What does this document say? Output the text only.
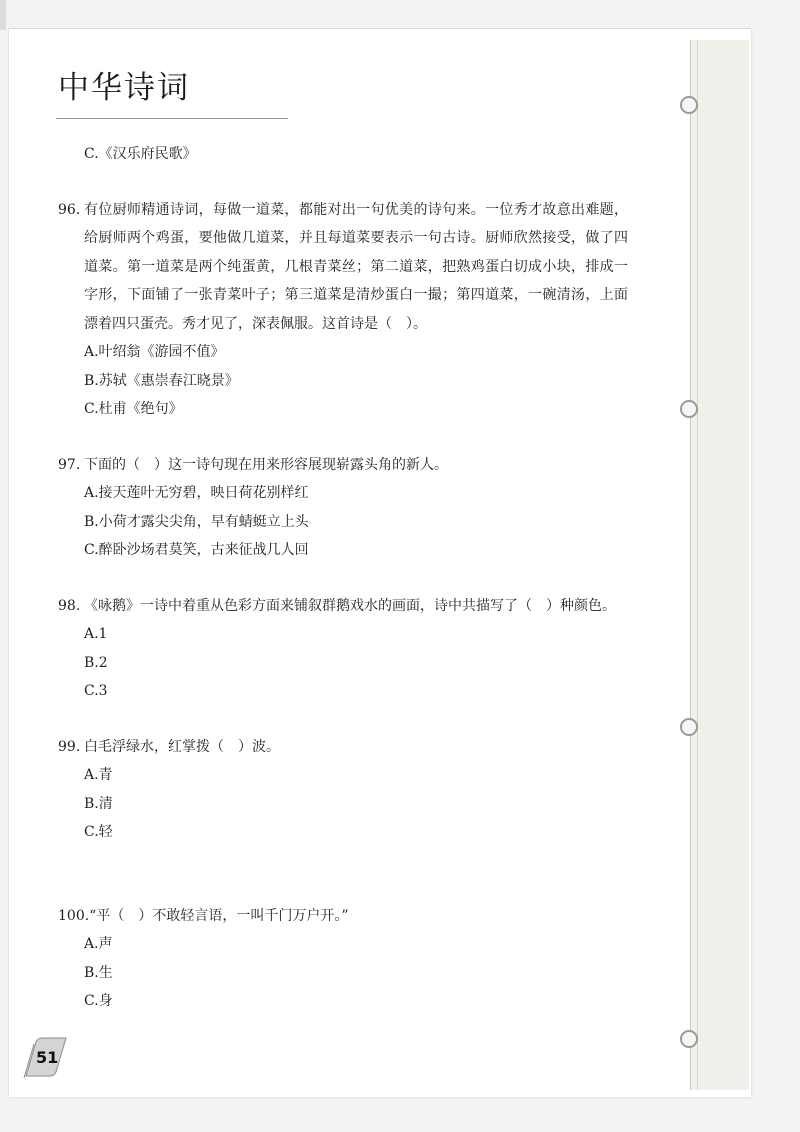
中华诗词
C.《汉乐府民歌》
96. 有位厨师精通诗词，每做一道菜，都能对出一句优美的诗句来。一位秀才故意出难题，给厨师两个鸡蛋，要他做几道菜，并且每道菜要表示一句古诗。厨师欣然接受，做了四道菜。第一道菜是两个纯蛋黄，几根青菜丝；第二道菜，把熟鸡蛋白切成小块，排成一字形，下面铺了一张青菜叶子；第三道菜是清炒蛋白一撮；第四道菜，一碗清汤，上面漂着四只蛋壳。秀才见了，深表佩服。这首诗是（　）。
A.叶绍翁《游园不值》
B.苏轼《惠崇春江晓景》
C.杜甫《绝句》
97. 下面的（　）这一诗句现在用来形容展现崭露头角的新人。
A.接天莲叶无穷碧，映日荷花别样红
B.小荷才露尖尖角，早有蜻蜓立上头
C.醉卧沙场君莫笑，古来征战几人回
98. 《咏鹅》一诗中着重从色彩方面来铺叙群鹅戏水的画面，诗中共描写了（　）种颜色。
A.1
B.2
C.3
99. 白毛浮绿水，红掌拨（　）波。
A.青
B.清
C.轻
100. “平（　）不敢轻言语，一叫千门万户开。”
A.声
B.生
C.身
51
